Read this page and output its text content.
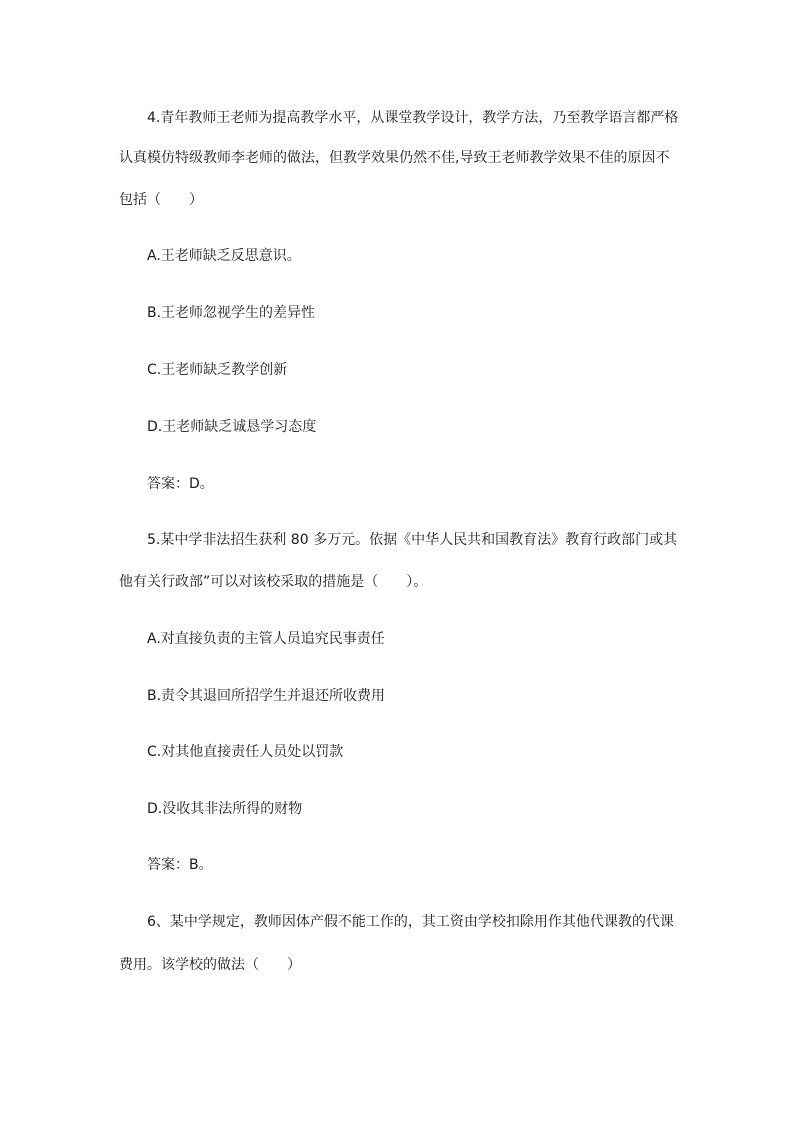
4.青年教师王老师为提高教学水平，从课堂教学设计，教学方法，乃至教学语言都严格
认真模仿特级教师李老师的做法，但教学效果仍然不佳,导致王老师教学效果不佳的原因不
包括（　　）
A.王老师缺乏反思意识。
B.王老师忽视学生的差异性
C.王老师缺乏教学创新
D.王老师缺乏诚恳学习态度
答案：D。
5.某中学非法招生获利 80 多万元。依据《中华人民共和国教育法》教育行政部门或其
他有关行政部”可以对该校采取的措施是（　　）。
A.对直接负责的主管人员追究民事责任
B.责令其退回所招学生并退还所收费用
C.对其他直接责任人员处以罚款
D.没收其非法所得的财物
答案：B。
6、某中学规定，教师因体产假不能工作的，其工资由学校扣除用作其他代课教的代课
费用。该学校的做法（　　）
